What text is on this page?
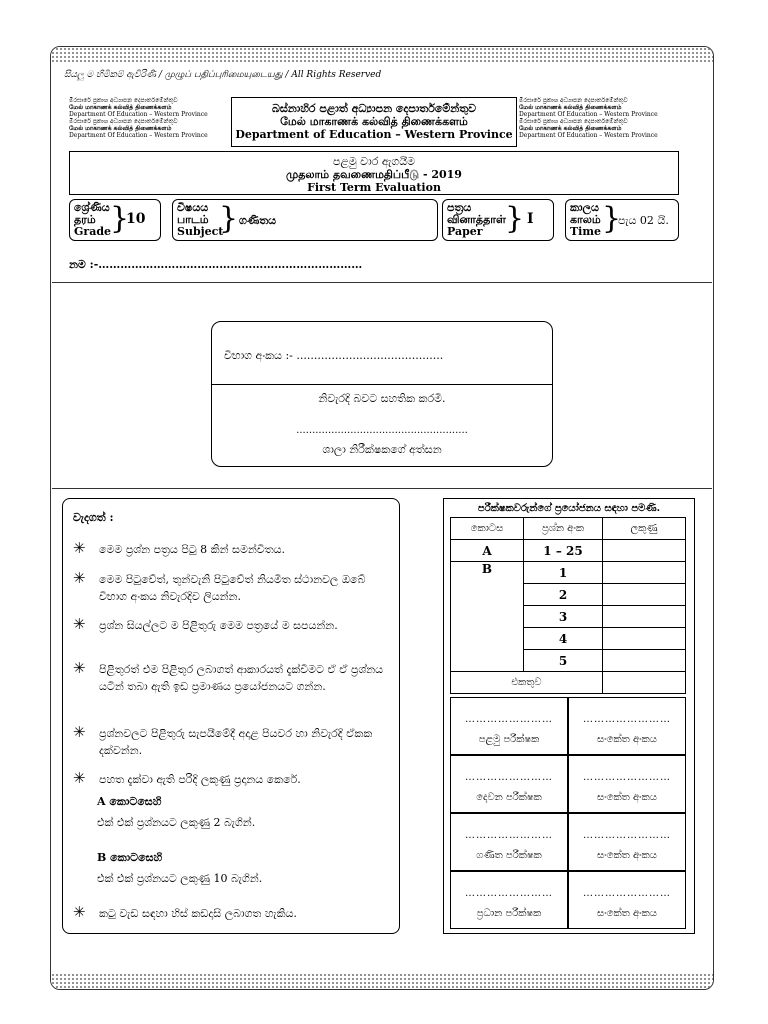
සියලු ම හිමිකම් ඇවිරිණි / முழுப் பதிப்புரிமையுடையது / All Rights Reserved
මිරසාරේ ප්‍රකාශ අධ්‍යාපන දෙපාර්තමේන්තුව
மேல் மாகாணக் கல்வித் திணைக்களம்
Department Of Education – Western Province
මිරසාරේ ප්‍රකාශ අධ්‍යාපන දෙපාර්තමේන්තුව
மேல் மாகாணக் கல்வித் திணைக்களம்
Department Of Education – Western Province
මිරසාරේ ප්‍රකාශ අධ්‍යාපන දෙපාර්තමේන්තුව
மேல் மாகாணக் கல்வித் திணைக்களம்
Department Of Education – Western Province
මිරසාරේ ප්‍රකාශ අධ්‍යාපන දෙපාර්තමේන්තුව
மேல் மாகாணக் கல்வித் திணைக்களம்
Department Of Education – Western Province
බස්නාහිර පළාත් අධ්‍යාපන දෙපාර්තමේන්තුව
மேல் மாகாணக் கல்வித் திணைக்களம்
Department of Education – Western Province
පළමු වාර ඇගයීම
முதலாம் தவணைமதிப்பீடு - 2019
First Term Evaluation
ශ්‍රේණිය
தரம்
Grade
}
10
විෂයය
பாடம்
Subject
} ගණිතය
පත්‍රය
வினாத்தாள்
Paper } I
කාලය
காலம்
Time }
පැය 02 යි.
නම :-………………………………………………………………
විභාග අංකය :- ..........................................
නිවැරදි බවට සහතික කරමි.
......................................................
ශාලා නිරීක්ෂකගේ අත්සන
වැදගත් :
✳ මෙම ප්‍රශ්න පත්‍රය පිටු 8 කින් සමන්විතය.
✳ මෙම පිටුවේත්, තුන්වැනි පිටුවේත් නියමිත ස්ථානවල ඔබේ විභාග අංකය නිවැරදිව ලියන්න.
✳ ප්‍රශ්න සියල්ලට ම පිළිතුරු මෙම පත්‍රයේ ම සපයන්න.
✳ පිළිතුරත් එම පිළිතුර ලබාගත් ආකාරයත් දැක්වීමට ඒ ඒ ප්‍රශ්නය යටින් තබා ඇති ඉඩ ප්‍රමාණය ප්‍රයෝජනයට ගන්න.
✳ ප්‍රශ්නවලට පිළිතුරු සැපයීමේදී අදාළ පියවර හා නිවැරදි ඒකක දක්වන්න.
✳ පහත දැක්වා ඇති පරිදි ලකුණු ප්‍රදානය කෙරේ.
A කොටසෙහි
එක් එක් ප්‍රශ්නයට ලකුණු 2 බැගින්.
B කොටසෙහි
එක් එක් ප්‍රශ්නයට ලකුණු 10 බැගින්.
✳ කටු වැඩ සඳහා හිස් කඩදාසි ලබාගත හැකිය.
පරීක්ෂකවරුන්ගේ ප්‍රයෝජනය සඳහා පමණි.
කොටස	ප්‍රශ්න අංක	ලකුණු
A	1 – 25	
B	1	
	2	
	3	
	4	
	5	
එකතුව		
……………………
පළමු පරීක්ෂක
……………………
සංකේත අංකය
……………………
දෙවන පරීක්ෂක
……………………
සංකේත අංකය
……………………
ගණිත පරීක්ෂක
……………………
සංකේත අංකය
……………………
ප්‍රධාන පරීක්ෂක
……………………
සංකේත අංකය
